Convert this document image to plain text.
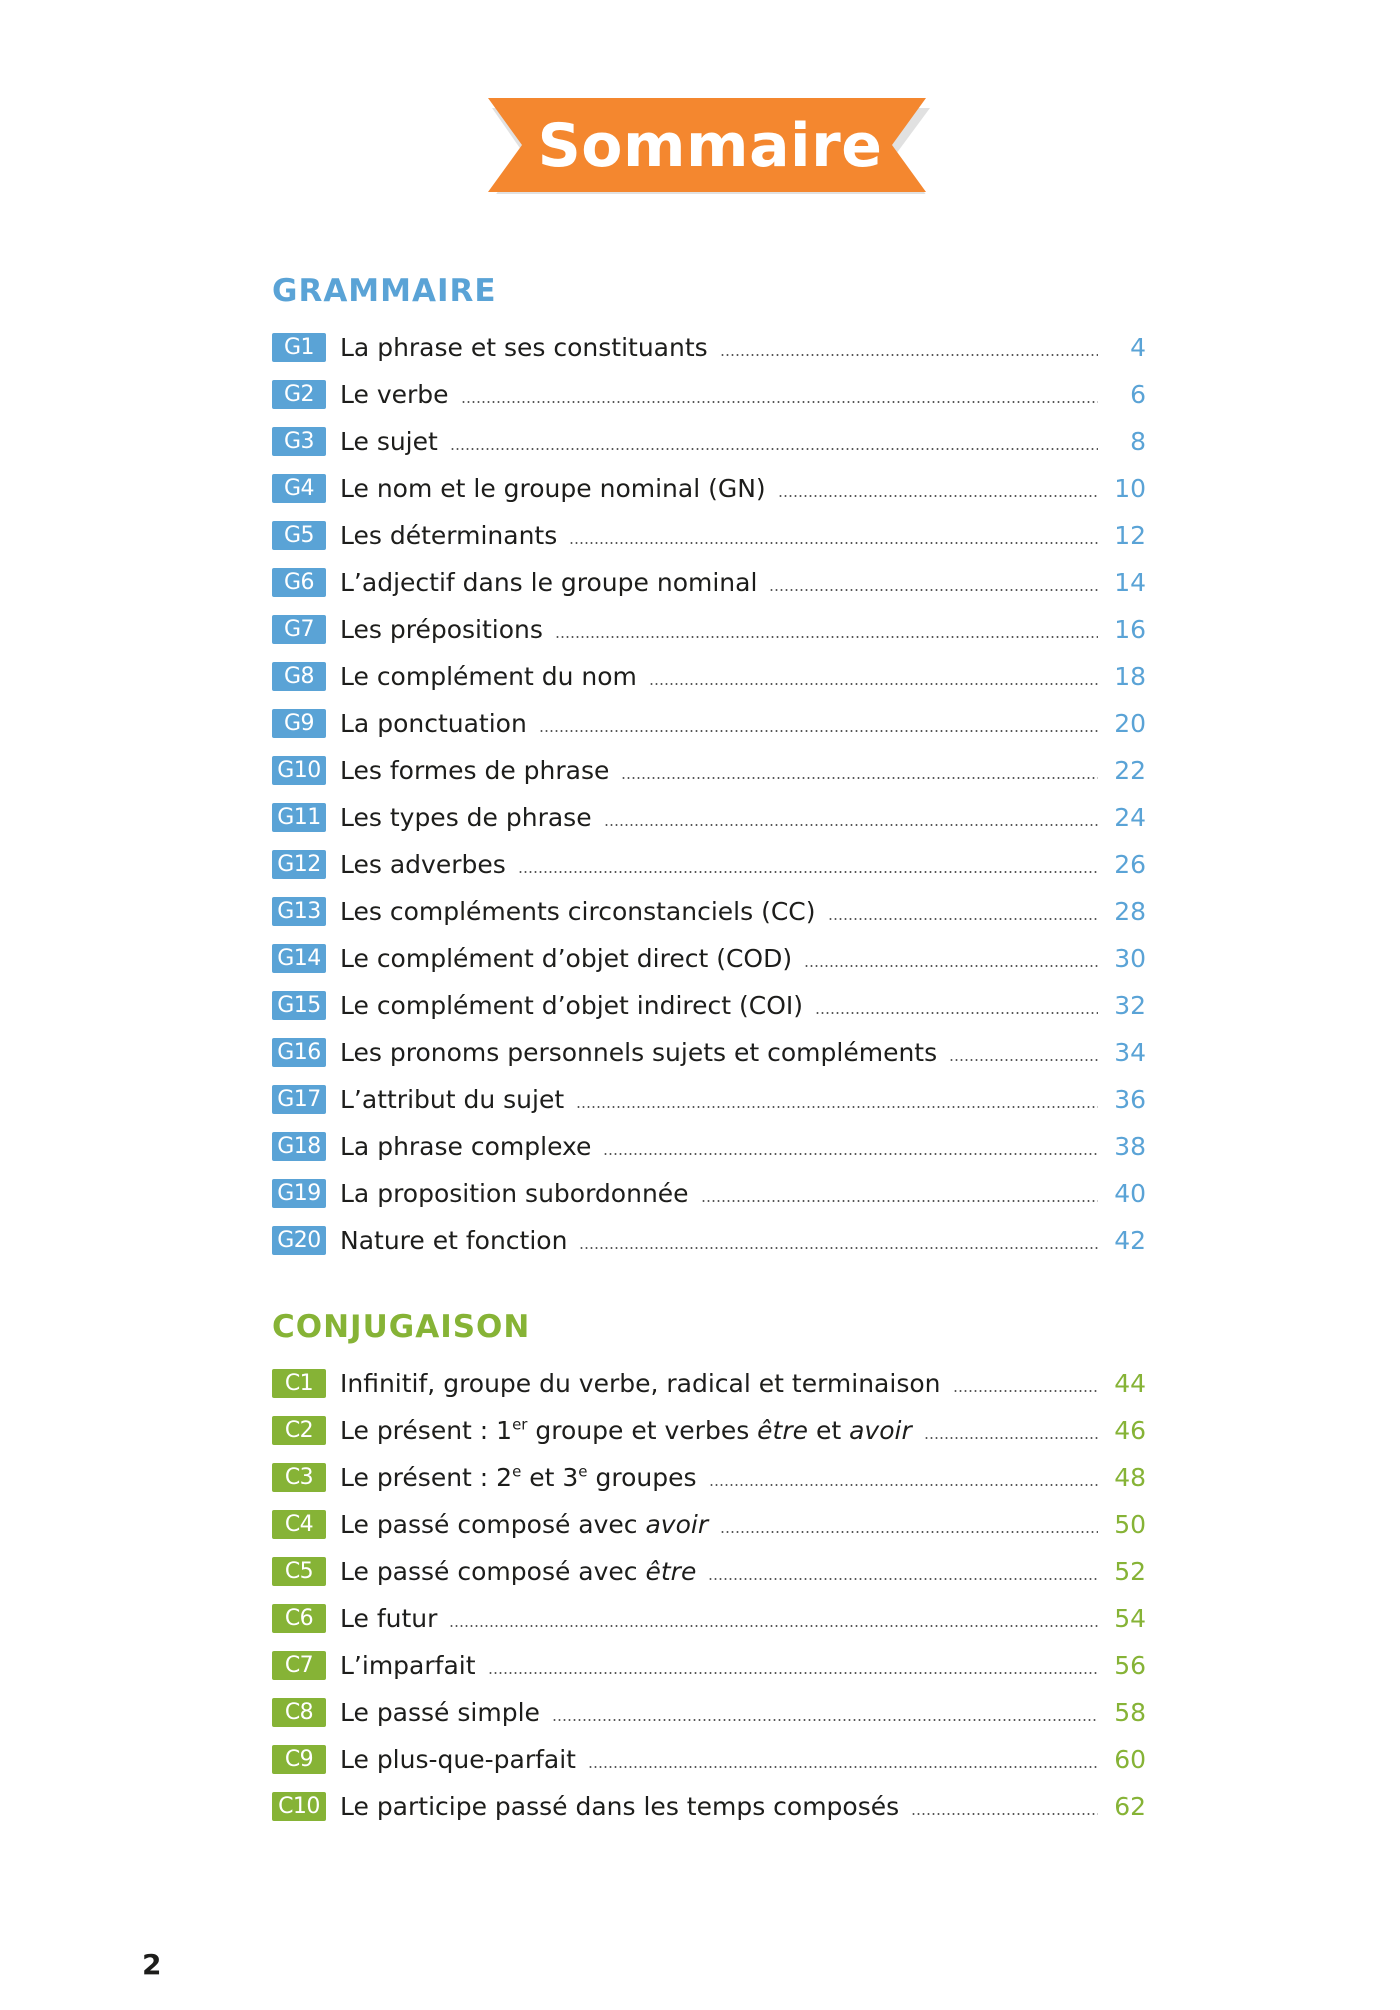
Sommaire
GRAMMAIRE
G1	La phrase et ses constituants	4
G2	Le verbe	6
G3	Le sujet	8
G4	Le nom et le groupe nominal (GN)	10
G5	Les déterminants	12
G6	L’adjectif dans le groupe nominal	14
G7	Les prépositions	16
G8	Le complément du nom	18
G9	La ponctuation	20
G10 Les formes de phrase	22
G11 Les types de phrase	24
G12 Les adverbes	26
G13 Les compléments circonstanciels (CC)	28
G14 Le complément d’objet direct (COD)	30
G15 Le complément d’objet indirect (COI)	32
G16 Les pronoms personnels sujets et compléments	34
G17 L’attribut du sujet	36
G18 La phrase complexe	38
G19 La proposition subordonnée	40
G20 Nature et fonction	42
CONJUGAISON
C1	Infinitif, groupe du verbe, radical et terminaison	44
C2	Le présent : 1er groupe et verbes être et avoir	46
C3	Le présent : 2e et 3e groupes	48
C4	Le passé composé avec avoir	50
C5	Le passé composé avec être	52
C6	Le futur	54
C7	L’imparfait	56
C8	Le passé simple	58
C9	Le plus-que-parfait	60
C10 Le participe passé dans les temps composés	62
2
